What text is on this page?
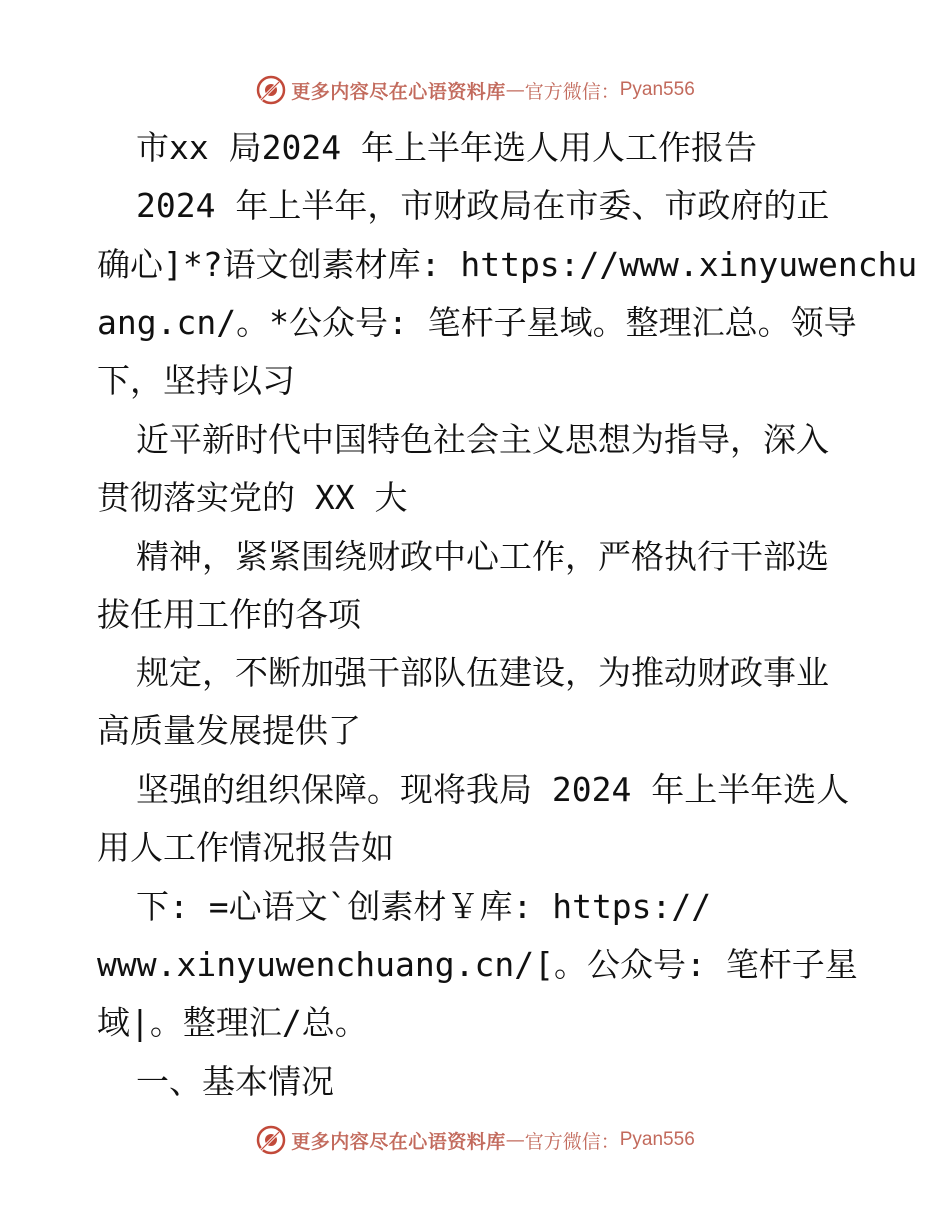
更多内容尽在心语资料库 — 官方微信： Pyan556
市xx 局2024 年上半年选人用人工作报告
2024 年上半年，市财政局在市委、市政府的正
确心]*?语文创素材库: https://www.xinyuwenchu
ang.cn/。*公众号: 笔杆子星域。整理汇总。领导
下，坚持以习
近平新时代中国特色社会主义思想为指导，深入
贯彻落实党的 XX 大
精神，紧紧围绕财政中心工作，严格执行干部选
拔任用工作的各项
规定，不断加强干部队伍建设，为推动财政事业
高质量发展提供了
坚强的组织保障。现将我局 2024 年上半年选人
用人工作情况报告如
下: =心语文`创素材￥库: https://
www.xinyuwenchuang.cn/[。公众号: 笔杆子星
域|。整理汇/总。
一、基本情况
更多内容尽在心语资料库 — 官方微信： Pyan556
